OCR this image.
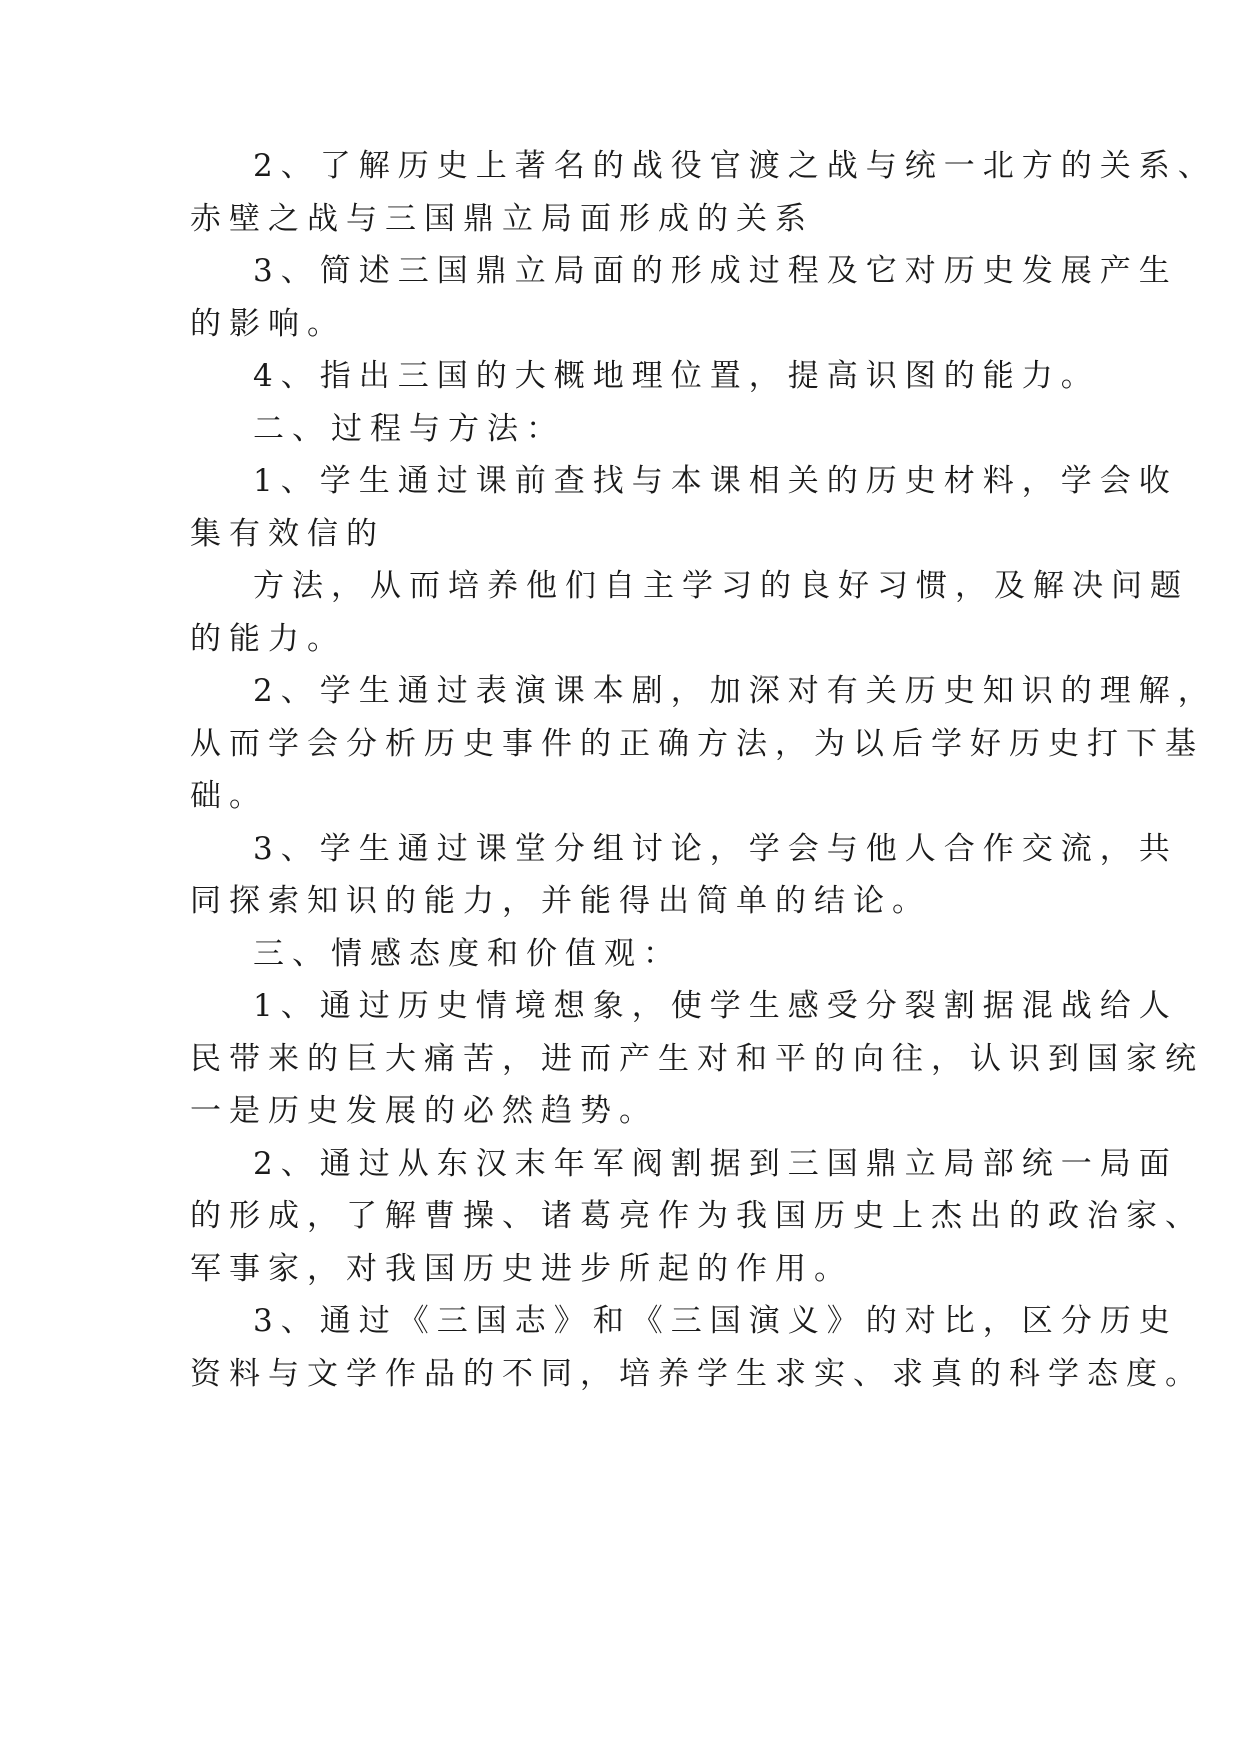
2、了解历史上著名的战役官渡之战与统一北方的关系、
赤壁之战与三国鼎立局面形成的关系
3、简述三国鼎立局面的形成过程及它对历史发展产生
的影响。
4、指出三国的大概地理位置，提高识图的能力。
二、过程与方法：
1、学生通过课前查找与本课相关的历史材料，学会收
集有效信的
方法，从而培养他们自主学习的良好习惯，及解决问题
的能力。
2、学生通过表演课本剧，加深对有关历史知识的理解，
从而学会分析历史事件的正确方法，为以后学好历史打下基
础。
3、学生通过课堂分组讨论，学会与他人合作交流，共
同探索知识的能力，并能得出简单的结论。
三、情感态度和价值观：
1、通过历史情境想象，使学生感受分裂割据混战给人
民带来的巨大痛苦，进而产生对和平的向往，认识到国家统
一是历史发展的必然趋势。
2、通过从东汉末年军阀割据到三国鼎立局部统一局面
的形成，了解曹操、诸葛亮作为我国历史上杰出的政治家、
军事家，对我国历史进步所起的作用。
3、通过《三国志》和《三国演义》的对比，区分历史
资料与文学作品的不同，培养学生求实、求真的科学态度。
